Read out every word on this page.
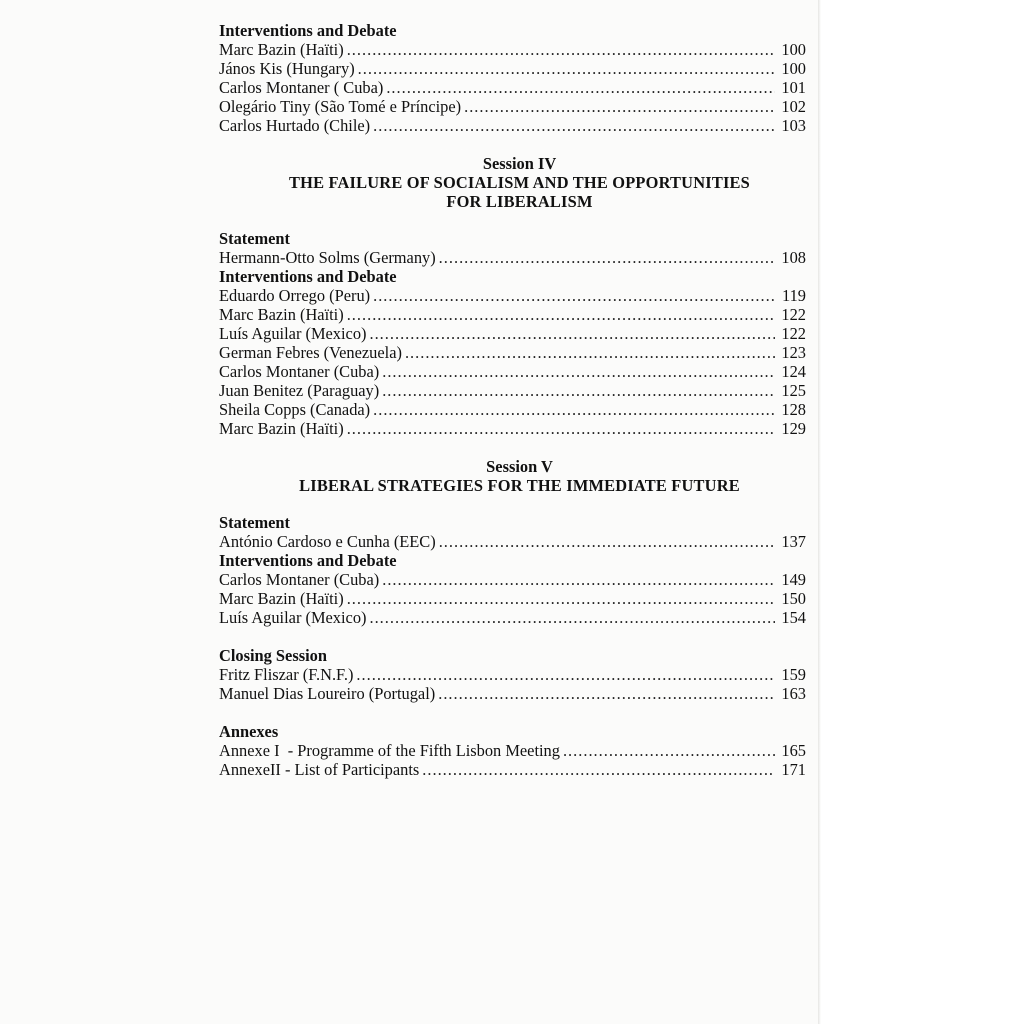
Interventions and Debate
Marc Bazin (Haïti) .....	100
János Kis (Hungary) .....	100
Carlos Montaner ( Cuba) .....	101
Olegário Tiny (São Tomé e Príncipe) .....	102
Carlos Hurtado (Chile) .....	103
Session IV
THE FAILURE OF SOCIALISM AND THE OPPORTUNITIES
FOR LIBERALISM
Statement
Hermann-Otto Solms (Germany) .....	108
Interventions and Debate
Eduardo Orrego (Peru) .....	119
Marc Bazin (Haïti) .....	122
Luís Aguilar (Mexico) .....	122
German Febres (Venezuela) .....	123
Carlos Montaner (Cuba) .....	124
Juan Benitez (Paraguay) .....	125
Sheila Copps (Canada) .....	128
Marc Bazin (Haïti) .....	129
Session V
LIBERAL STRATEGIES FOR THE IMMEDIATE FUTURE
Statement
António Cardoso e Cunha (EEC) .....	137
Interventions and Debate
Carlos Montaner (Cuba) .....	149
Marc Bazin (Haïti) .....	150
Luís Aguilar (Mexico) .....	154
Closing Session
Fritz Fliszar (F.N.F.) .....	159
Manuel Dias Loureiro (Portugal) .....	163
Annexes
Annexe I  - Programme of the Fifth Lisbon Meeting .....	165
AnnexeII - List of Participants .....	171
